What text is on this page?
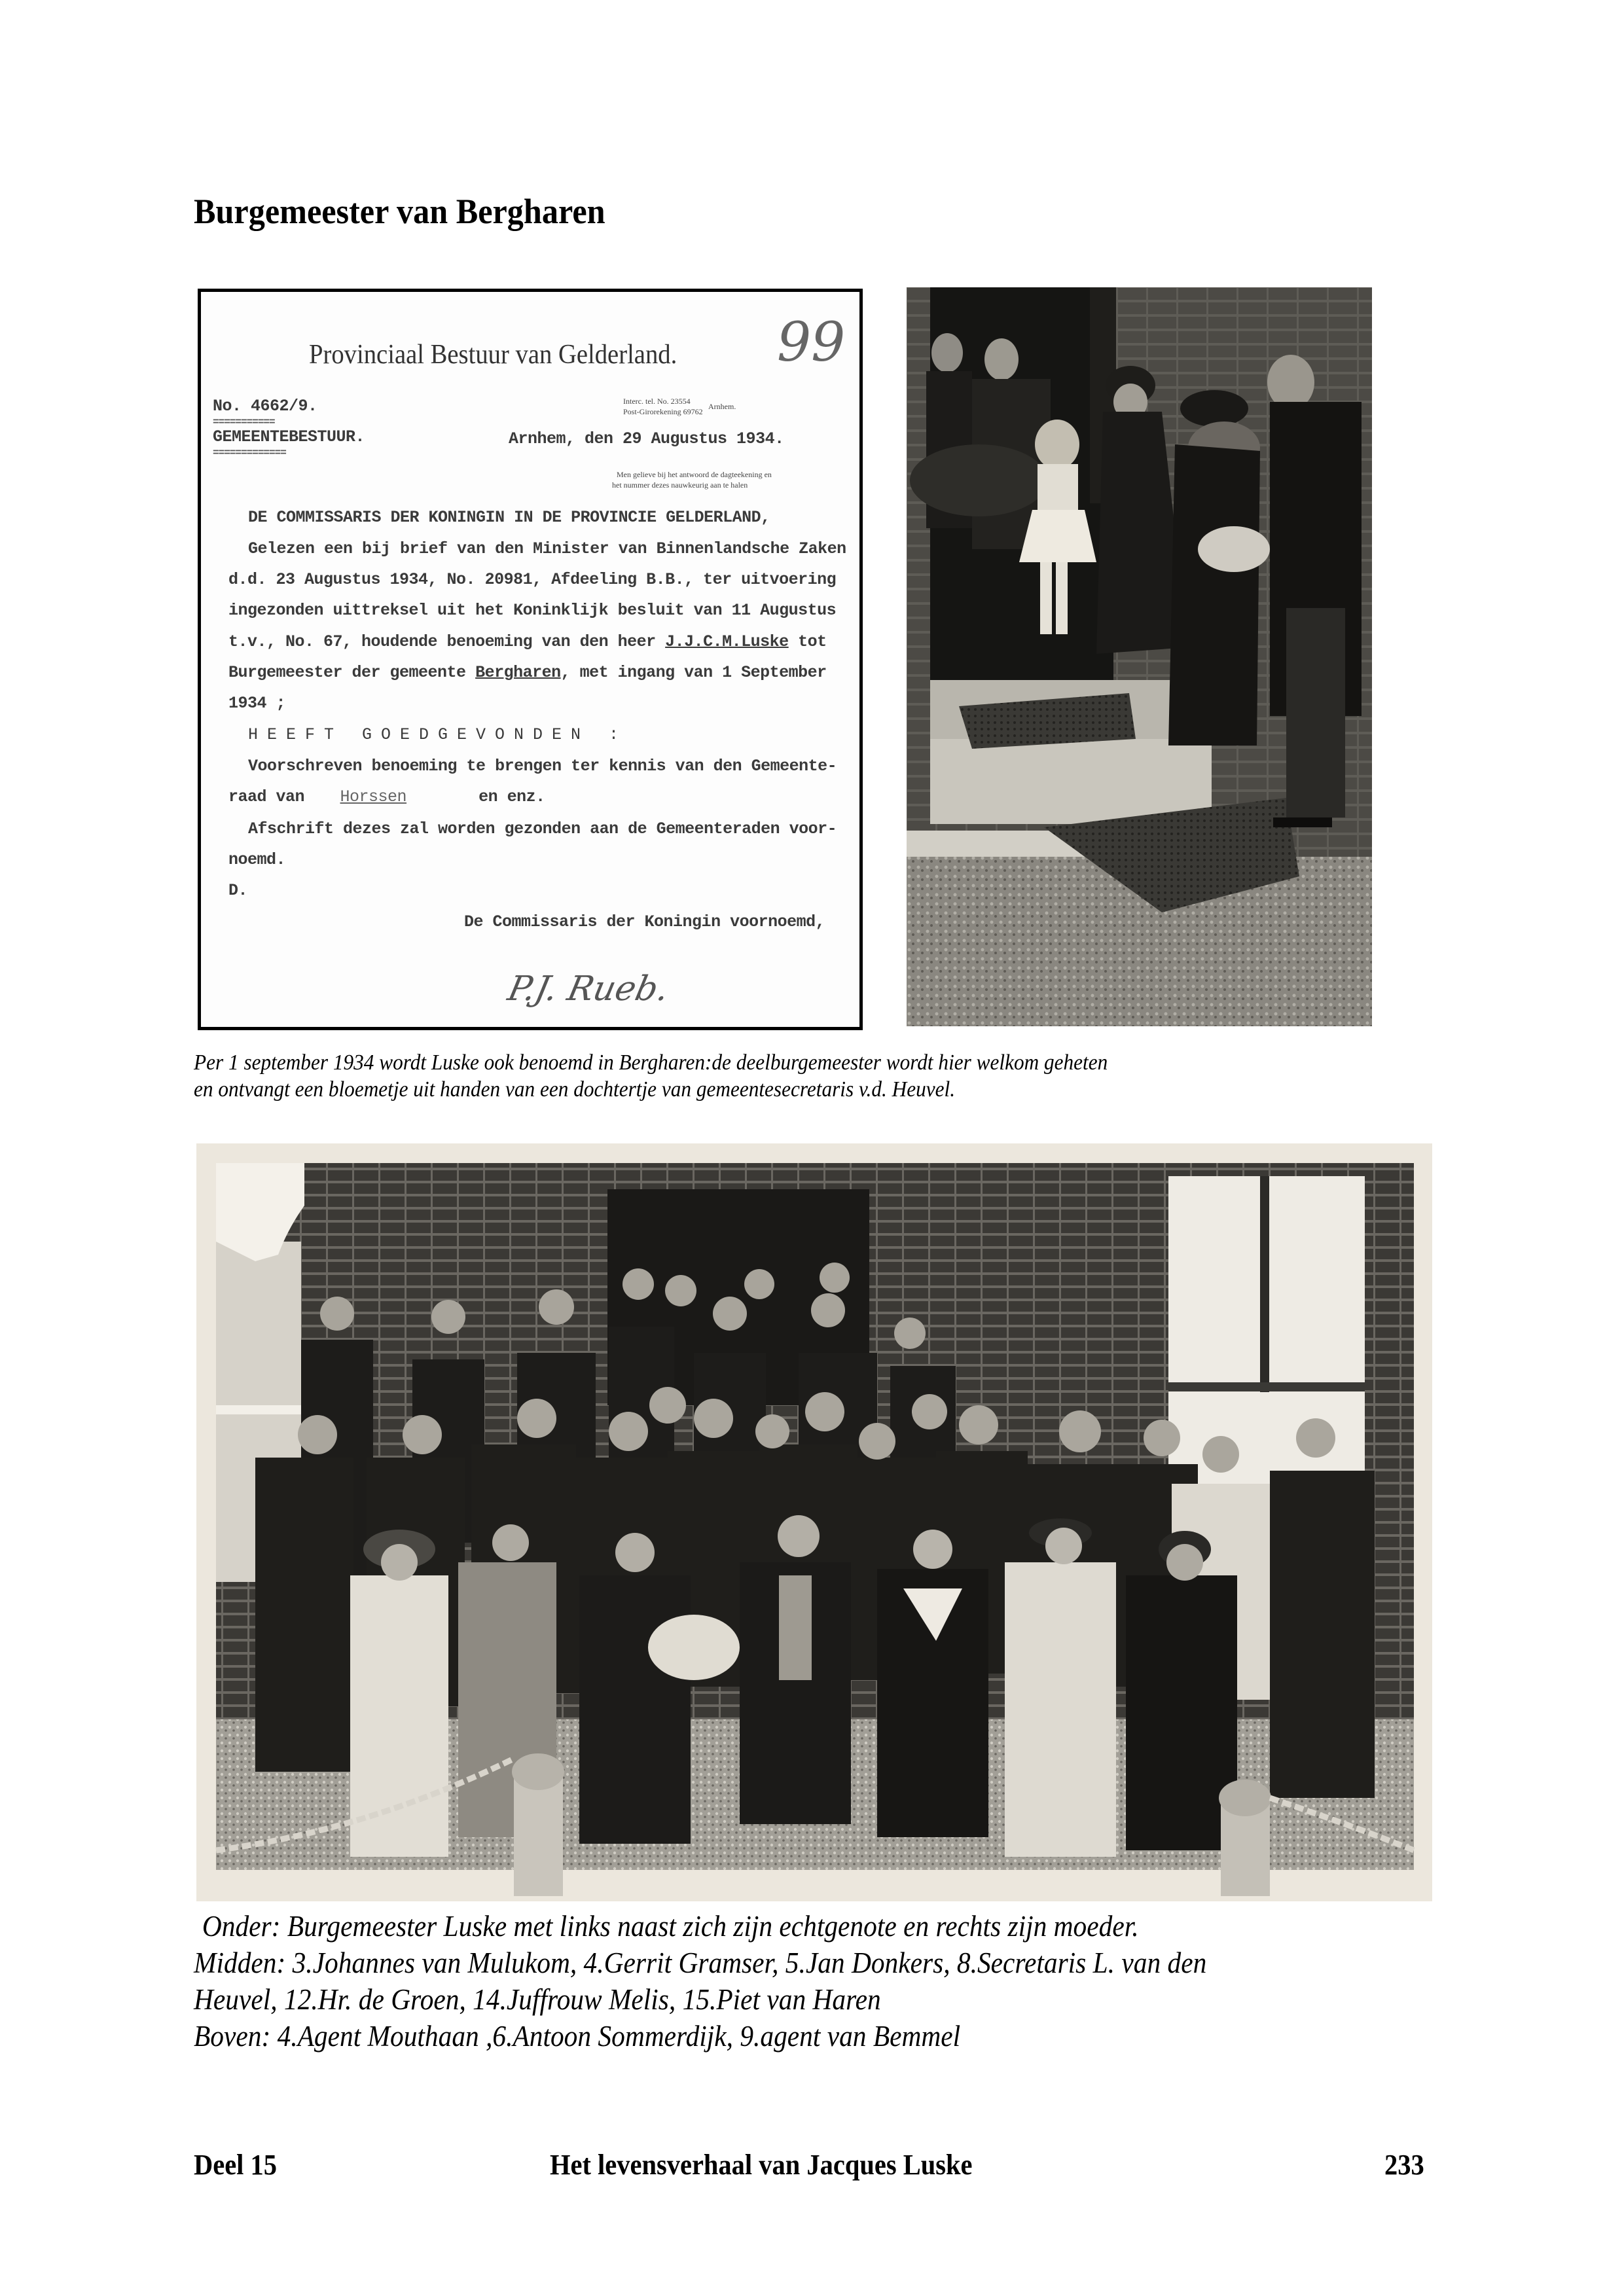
Burgemeester van Bergharen
Provinciaal Bestuur van Gelderland. 99
No. 4662/9.
===========
GEMEENTEBESTUUR.
=============
Interc. tel. No. 23554
Post-Girorekening 69762
Arnhem.
Arnhem, den 29 Augustus 1934.
Men gelieve bij het antwoord de dagteekening en
het nummer dezes nauwkeurig aan te halen
DE COMMISSARIS DER KONINGIN IN DE PROVINCIE GELDERLAND,
Gelezen een bij brief van den Minister van Binnenlandsche Zaken
d.d. 23 Augustus 1934, No. 20981, Afdeeling B.B., ter uitvoering
ingezonden uittreksel uit het Koninklijk besluit van 11 Augustus
t.v., No. 67, houdende benoeming van den heer J.J.C.M.Luske tot
Burgemeester der gemeente Bergharen, met ingang van 1 September
1934 ;
HEEFT GOEDGEVONDEN :
Voorschreven benoeming te brengen ter kennis van den Gemeente-
raad van Horssen	en enz.
Afschrift dezes zal worden gezonden aan de Gemeenteraden voor-
noemd.
D.
De Commissaris der Koningin voornoemd,
P.J. Rueb.
Per 1 september 1934 wordt Luske ook benoemd in Bergharen:de deelburgemeester wordt hier welkom geheten
en ontvangt een bloemetje uit handen van een dochtertje van gemeentesecretaris v.d. Heuvel.
Onder: Burgemeester Luske met links naast zich zijn echtgenote en rechts zijn moeder.
Midden: 3.Johannes van Mulukom, 4.Gerrit Gramser, 5.Jan Donkers, 8.Secretaris L. van den
Heuvel, 12.Hr. de Groen, 14.Juffrouw Melis, 15.Piet van Haren
Boven: 4.Agent Mouthaan ,6.Antoon Sommerdijk, 9.agent van Bemmel
Deel 15	Het levensverhaal van Jacques Luske	233
